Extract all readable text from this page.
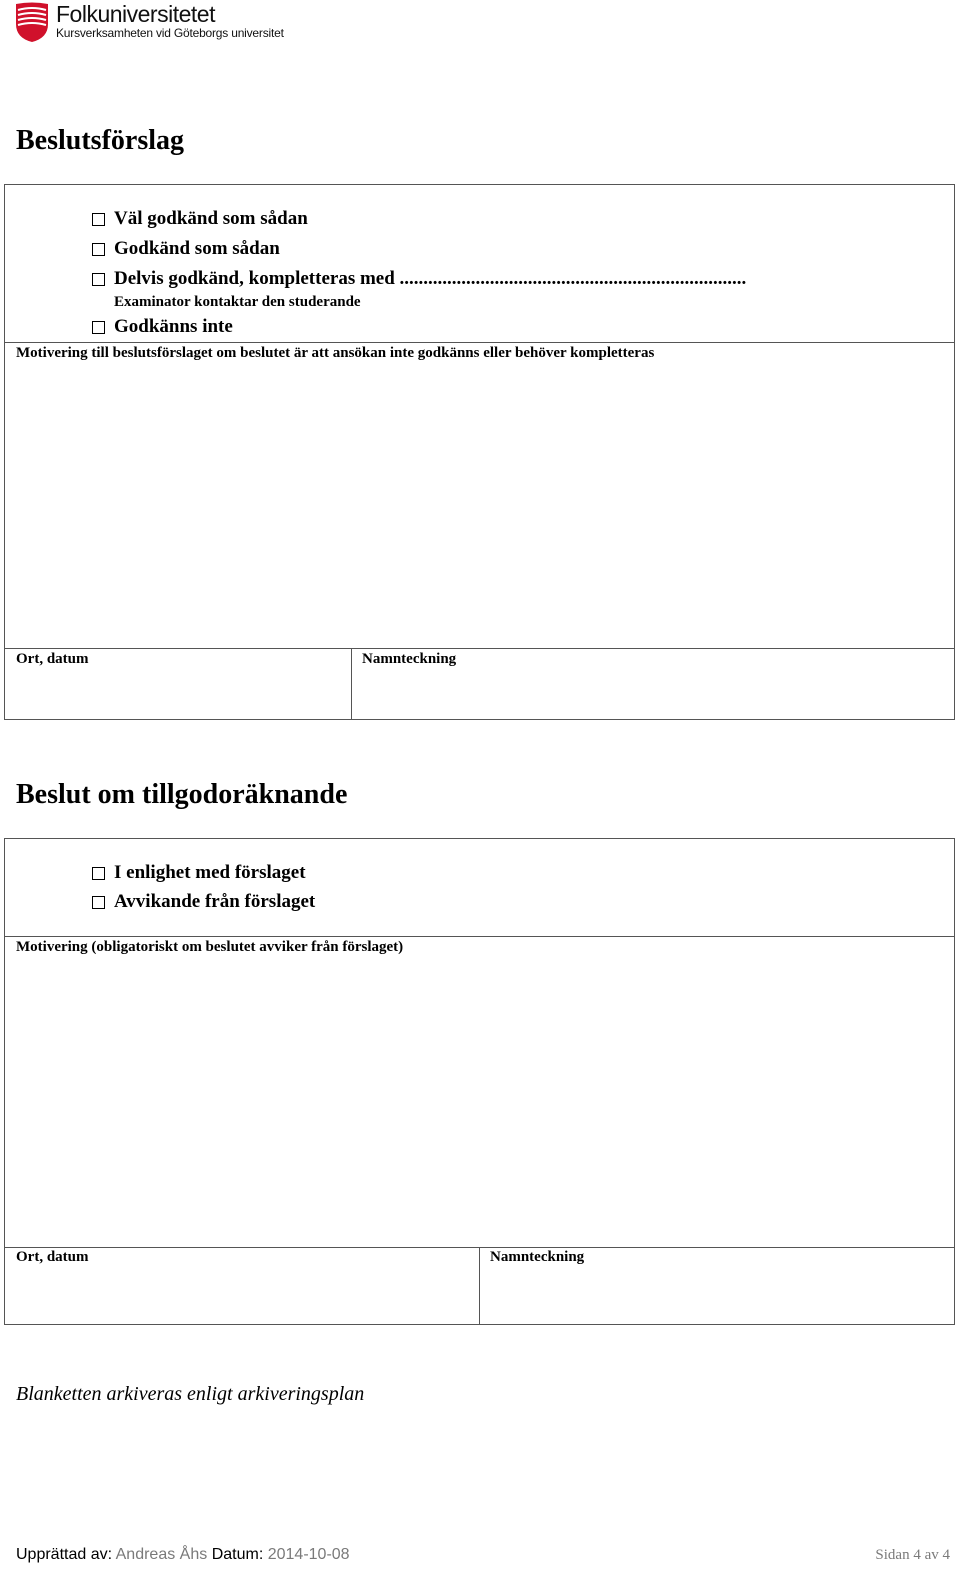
Folkuniversitetet
Kursverksamheten vid Göteborgs universitet
Beslutsförslag
Väl godkänd som sådan
Godkänd som sådan
Delvis godkänd, kompletteras med .........................................................................
Examinator kontaktar den studerande
Godkänns inte
Motivering till beslutsförslaget om beslutet är att ansökan inte godkänns eller behöver kompletteras
Ort, datum	Namnteckning
Beslut om tillgodoräknande
I enlighet med förslaget
Avvikande från förslaget
Motivering (obligatoriskt om beslutet avviker från förslaget)
Ort, datum	Namnteckning
Blanketten arkiveras enligt arkiveringsplan
Upprättad av: Andreas Åhs Datum: 2014-10-08	Sidan 4 av 4
